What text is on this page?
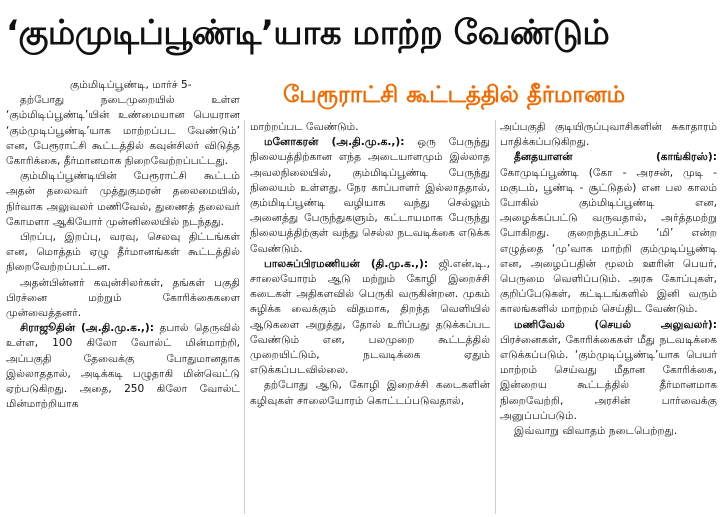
‘கும்முடிப்பூண்டி’யாக மாற்ற வேண்டும்
பேரூராட்சி கூட்டத்தில் தீர்மானம்

கும்மிடிப்பூண்டி, மார்ச் 5-

தற்போது நடைமுறையில் உள்ள ‘கும்மிடிப்பூண்டி’யின் உண்மையான பெயரான ‘கும்முடிப்பூண்டி’யாக மாற்றப்பட வேண்டும்’ என, பேரூராட்சி கூட்டத்தில் கவுன்சிலர் விடுத்த கோரிக்கை, தீர்மானமாக நிறைவேற்றப்பட்டது.

கும்மிடிப்பூண்டியின் பேரூராட்சி கூட்டம் அதன் தலைவர் முத்துகுமரன் தலைமையில், நிர்வாக அலுவலர் மணிவேல், துணைத் தலைவர் கோமளா ஆகியோர் முன்னிலையில் நடந்தது.

பிறப்பு, இறப்பு, வரவு, செலவு திட்டங்கள் என, மொத்தம் ஏழு தீர்மானங்கள் கூட்டத்தில் நிறைவேற்றப்பட்டன.

அதன்பின்னர் கவுன்சிலர்கள், தங்கள் பகுதி பிரச்னை மற்றும் கோரிக்கைகளை முன்வைத்தனர்.

சிராஜூதின் (அ.தி.மு.க.,): தபால் தெருவில் உள்ள, 100 கிலோ வோல்ட் மின்மாற்றி, அப்பகுதி தேவைக்கு போதுமானதாக இல்லாததால், அடிக்கடி பழுதாகி மின்வெட்டு ஏற்படுகிறது. அதை, 250 கிலோ வோல்ட் மின்மாற்றியாக

மாற்றப்பட வேண்டும்.

மனோகரன் (அ.தி.மு.க.,): ஒரு பேருந்து நிலையத்திற்கான எந்த அடையாளமும் இல்லாத அவலநிலையில், கும்மிடிப்பூண்டி பேருந்து நிலையம் உள்ளது. நேர காப்பாளர் இல்லாததால், கும்மிடிப்பூண்டி வழியாக வந்து செல்லும் அனைத்து பேருந்துகளும், கட்டாயமாக பேருந்து நிலையத்திற்குள் வந்து செல்ல நடவடிக்கை எடுக்க வேண்டும்.

பாலசுப்பிரமணியன் (தி.மு.க.,): ஜி.என்.டி., சாலையோரம் ஆடு மற்றும் கோழி இறைச்சி கடைகள் அதிகளவில் பெருகி வருகின்றன. முகம் சுழிக்க வைக்கும் விதமாக, திறந்த வெளியில் ஆடுகளை அறுத்து, தோல் உரிப்பது தடுக்கப்பட வேண்டும் என, பலமுறை கூட்டத்தில் முறையிட்டும், நடவடிக்கை ஏதும் எடுக்கப்படவில்லை.

தற்போது ஆடு, கோழி இறைச்சி கடைகளின் கழிவுகள் சாலையோரம் கொட்டப்படுவதால்,

அப்பகுதி குடியிருப்புவாசிகளின் சுகாதாரம் பாதிக்கப்படுகிறது.

தீனதயாளன் (காங்கிரஸ்): கோமுடிப்பூண்டி (கோ - அரசன், முடி - மகுடம், பூண்டி - சூட்டுதல்) என பல காலம் போகில் கும்மிடிப்பூண்டி என, அழைக்கப்பட்டு வருவதால், அர்த்தமற்று போகிறது. குறைந்தபட்சம் ‘மி’ என்ற எழுத்தை ‘மு’வாக மாற்றி கும்முடிப்பூண்டி என, அழைப்பதின் மூலம் ஊரின் பெயர், பெருமை வெளிப்படும். அரசு கோப்புகள், குறிப்பேடுகள், கட்டிடங்களில் இனி வரும் காலங்களில் மாற்றம் செய்திட வேண்டும்.

மணிவேல் (செயல் அலுவலர்): பிரச்னைகள், கோரிக்கைகள் மீது நடவடிக்கை எடுக்கப்படும். ‘கும்முடிப்பூண்டி’யாக பெயர் மாற்றம் செய்வது மீதான கோரிக்கை, இன்றைய கூட்டத்தில் தீர்மானமாக நிறைவேற்றி, அரசின் பார்வைக்கு அனுப்பப்படும்.

இவ்வாறு விவாதம் நடைபெற்றது.
